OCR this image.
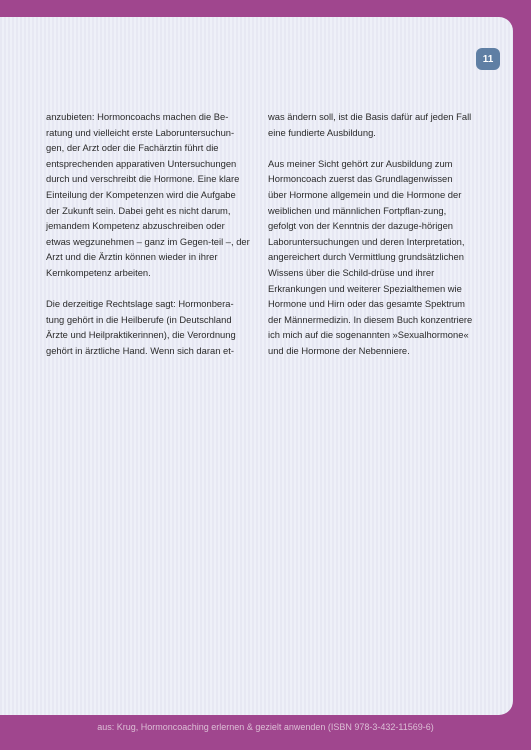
11

anzubieten: Hormoncoachs machen die Be-ratung und vielleicht erste Laboruntersuchun-gen, der Arzt oder die Fachärztin führt die entsprechenden apparativen Untersuchungen durch und verschreibt die Hormone. Eine klare Einteilung der Kompetenzen wird die Aufgabe der Zukunft sein. Dabei geht es nicht darum, jemandem Kompetenz abzuschreiben oder etwas wegzunehmen – ganz im Gegen-teil –, der Arzt und die Ärztin können wieder in ihrer Kernkompetenz arbeiten.

Die derzeitige Rechtslage sagt: Hormonbera-tung gehört in die Heilberufe (in Deutschland Ärzte und Heilpraktikerinnen), die Verordnung gehört in ärztliche Hand. Wenn sich daran et-

was ändern soll, ist die Basis dafür auf jeden Fall eine fundierte Ausbildung.

Aus meiner Sicht gehört zur Ausbildung zum Hormoncoach zuerst das Grundlagenwissen über Hormone allgemein und die Hormone der weiblichen und männlichen Fortpflan-zung, gefolgt von der Kenntnis der dazuge-hörigen Laboruntersuchungen und deren Interpretation, angereichert durch Vermittlung grundsätzlichen Wissens über die Schild-drüse und ihrer Erkrankungen und weiterer Spezialthemen wie Hormone und Hirn oder das gesamte Spektrum der Männermedizin. In diesem Buch konzentriere ich mich auf die sogenannten »Sexualhormone« und die Hormone der Nebenniere.

aus: Krug, Hormoncoaching erlernen & gezielt anwenden (ISBN 978-3-432-11569-6)
